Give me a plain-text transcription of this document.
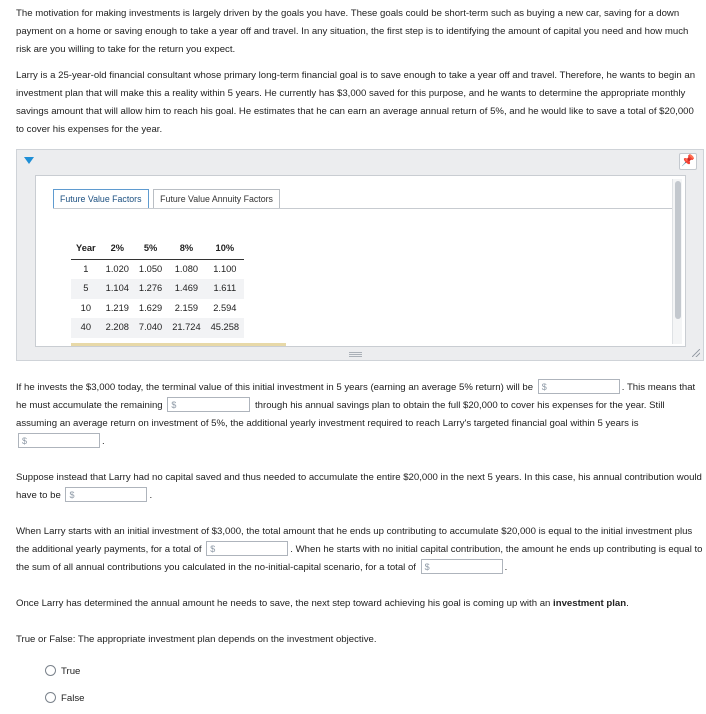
The motivation for making investments is largely driven by the goals you have. These goals could be short-term such as buying a new car, saving for a down payment on a home or saving enough to take a year off and travel. In any situation, the first step is to identifying the amount of capital you need and how much risk are you willing to take for the return you expect.

Larry is a 25-year-old financial consultant whose primary long-term financial goal is to save enough to take a year off and travel. Therefore, he wants to begin an investment plan that will make this a reality within 5 years. He currently has $3,000 saved for this purpose, and he wants to determine the appropriate monthly savings amount that will allow him to reach his goal. He estimates that he can earn an average annual return of 5%, and he would like to save a total of $20,000 to cover his expenses for the year.

📌
Future Value Factors Future Value Annuity Factors
Year	2%	5%	8%	10%
1	1.020	1.050	1.080	1.100
5	1.104	1.276	1.469	1.611
10	1.219	1.629	2.159	2.594
40	2.208	7.040	21.724	45.258

If he invests the $3,000 today, the terminal value of this initial investment in 5 years (earning an average 5% return) will be $	. This means that he must accumulate the remaining $	through his annual savings plan to obtain the full $20,000 to cover his expenses for the year. Still assuming an average return on investment of 5%, the additional yearly investment required to reach Larry's targeted financial goal within 5 years is
$	.

Suppose instead that Larry had no capital saved and thus needed to accumulate the entire $20,000 in the next 5 years. In this case, his annual contribution would have to be $	.

When Larry starts with an initial investment of $3,000, the total amount that he ends up contributing to accumulate $20,000 is equal to the initial investment plus the additional yearly payments, for a total of $	. When he starts with no initial capital contribution, the amount he ends up contributing is equal to the sum of all annual contributions you calculated in the no-initial-capital scenario, for a total of $	.

Once Larry has determined the annual amount he needs to save, the next step toward achieving his goal is coming up with an investment plan.

True or False: The appropriate investment plan depends on the investment objective.

True
False
